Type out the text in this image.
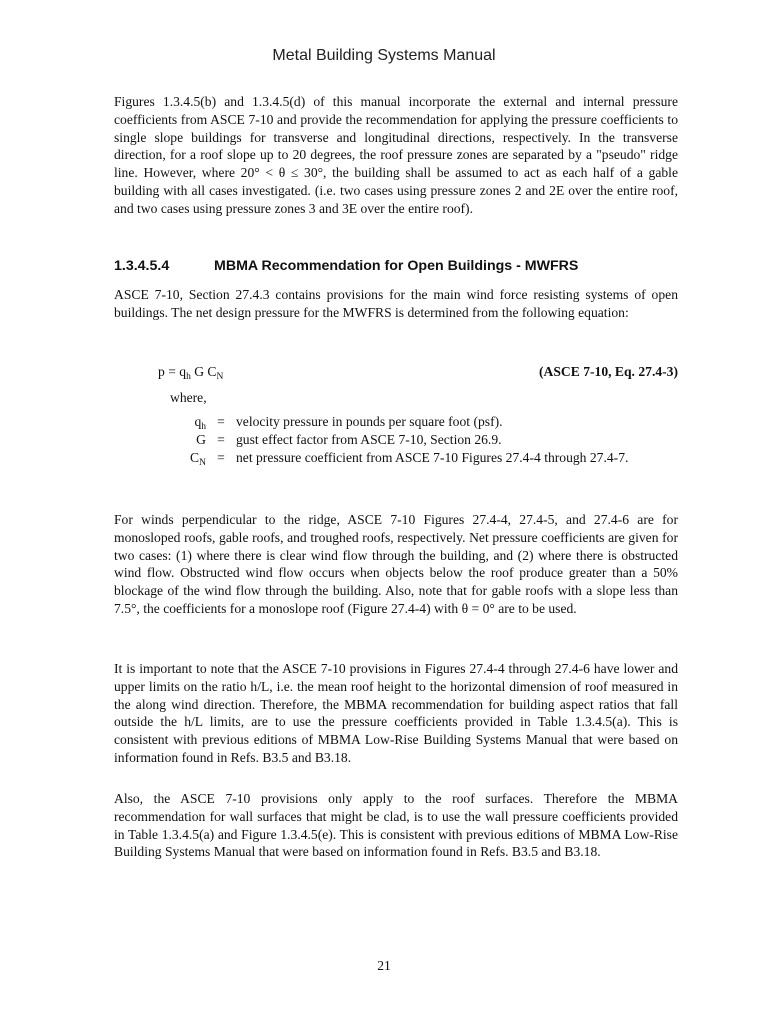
Metal Building Systems Manual

Figures 1.3.4.5(b) and 1.3.4.5(d) of this manual incorporate the external and internal pressure coefficients from ASCE 7-10 and provide the recommendation for applying the pressure coefficients to single slope buildings for transverse and longitudinal directions, respectively. In the transverse direction, for a roof slope up to 20 degrees, the roof pressure zones are separated by a "pseudo" ridge line. However, where 20° < θ ≤ 30°, the building shall be assumed to act as each half of a gable building with all cases investigated. (i.e. two cases using pressure zones 2 and 2E over the entire roof, and two cases using pressure zones 3 and 3E over the entire roof).

1.3.4.5.4	MBMA Recommendation for Open Buildings - MWFRS

ASCE 7-10, Section 27.4.3 contains provisions for the main wind force resisting systems of open buildings. The net design pressure for the MWFRS is determined from the following equation:

$p = q_h$ G $C_N$	(ASCE 7-10, Eq. 27.4-3)
where,
$q_h$	=	velocity pressure in pounds per square foot (psf).
G	=	gust effect factor from ASCE 7-10, Section 26.9.
$C_N$	=	net pressure coefficient from ASCE 7-10 Figures 27.4-4 through 27.4-7.

For winds perpendicular to the ridge, ASCE 7-10 Figures 27.4-4, 27.4-5, and 27.4-6 are for monosloped roofs, gable roofs, and troughed roofs, respectively. Net pressure coefficients are given for two cases: (1) where there is clear wind flow through the building, and (2) where there is obstructed wind flow. Obstructed wind flow occurs when objects below the roof produce greater than a 50% blockage of the wind flow through the building. Also, note that for gable roofs with a slope less than 7.5°, the coefficients for a monoslope roof (Figure 27.4-4) with θ = 0° are to be used.

It is important to note that the ASCE 7-10 provisions in Figures 27.4-4 through 27.4-6 have lower and upper limits on the ratio h/L, i.e. the mean roof height to the horizontal dimension of roof measured in the along wind direction. Therefore, the MBMA recommendation for building aspect ratios that fall outside the h/L limits, are to use the pressure coefficients provided in Table 1.3.4.5(a). This is consistent with previous editions of MBMA Low-Rise Building Systems Manual that were based on information found in Refs. B3.5 and B3.18.

Also, the ASCE 7-10 provisions only apply to the roof surfaces. Therefore the MBMA recommendation for wall surfaces that might be clad, is to use the wall pressure coefficients provided in Table 1.3.4.5(a) and Figure 1.3.4.5(e). This is consistent with previous editions of MBMA Low-Rise Building Systems Manual that were based on information found in Refs. B3.5 and B3.18.

21
